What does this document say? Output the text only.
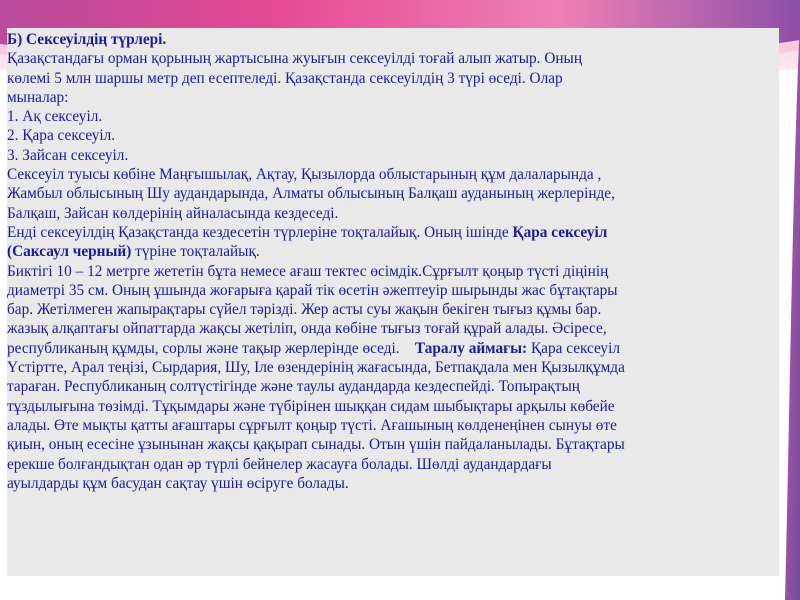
Б) Сексеуілдің түрлері.
Қазақстандағы орман қорының жартысына жуығын сексеуілді тоғай алып жатыр. Оның
көлемі 5 млн шаршы метр деп есептеледі. Қазақстанда сексеуілдің 3 түрі өседі. Олар
мыналар:
1. Ақ сексеуіл.
2. Қара сексеуіл.
3. Зайсан сексеуіл.
Сексеуіл туысы көбіне Маңғышылақ, Ақтау, Қызылорда облыстарының құм далаларында ,
Жамбыл облысының Шу аудандарында, Алматы облысының Балқаш ауданының жерлерінде,
Балқаш, Зайсан көлдерінің айналасында кездеседі.
Енді сексеуілдің Қазақстанда кездесетін түрлеріне тоқталайық. Оның ішінде Қара сексеуіл
(Саксаул черный) түріне тоқталайық.
Биктігі 10 – 12 метрге жететін бұта немесе ағаш тектес өсімдік.Сұрғылт қоңыр түсті діңінің
диаметрі 35 см. Оның ұшында жоғарыға қарай тік өсетін әжептеуір шырынды жас бұтақтары
бар. Жетілмеген жапырақтары сүйел тәрізді. Жер асты суы жақын бекіген тығыз құмы бар.
жазық алқаптағы ойпаттарда жақсы жетіліп, онда көбіне тығыз тоғай құрай алады. Әсіресе,
республиканың құмды, сорлы және тақыр жерлерінде өседі.    Таралу аймағы: Қара сексеуіл
Үстіртте, Арал теңізі, Сырдария, Шу, Іле өзендерінің жағасында, Бетпақдала мен Қызылқұмда
тараған. Республиканың солтүстігінде және таулы аудандарда кездеспейді. Топырақтың
тұздылығына төзімді. Тұқымдары және түбірінен шыққан сидам шыбықтары арқылы көбейе
алады. Өте мықты қатты ағаштары сұрғылт қоңыр түсті. Ағашының көлденеңінен сынуы өте
қиын, оның есесіне ұзынынан жақсы қақырап сынады. Отын үшін пайдаланылады. Бұтақтары
ерекше болғандықтан одан әр түрлі бейнелер жасауға болады. Шөлді аудандардағы
ауылдарды құм басудан сақтау үшін өсіруге болады.
